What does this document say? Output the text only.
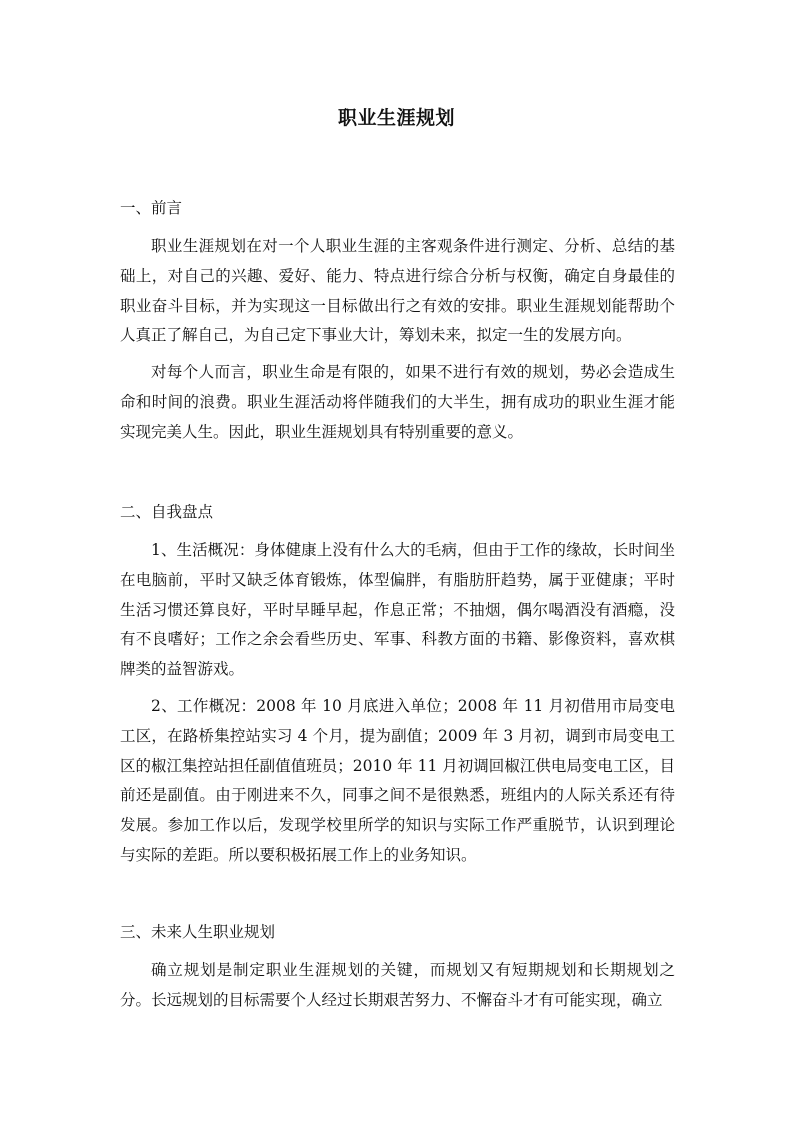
职业生涯规划
一、前言
职业生涯规划在对一个人职业生涯的主客观条件进行测定、分析、总结的基础上，对自己的兴趣、爱好、能力、特点进行综合分析与权衡，确定自身最佳的职业奋斗目标，并为实现这一目标做出行之有效的安排。职业生涯规划能帮助个人真正了解自己，为自己定下事业大计，筹划未来，拟定一生的发展方向。
对每个人而言，职业生命是有限的，如果不进行有效的规划，势必会造成生命和时间的浪费。职业生涯活动将伴随我们的大半生，拥有成功的职业生涯才能实现完美人生。因此，职业生涯规划具有特别重要的意义。
二、自我盘点
1、生活概况：身体健康上没有什么大的毛病，但由于工作的缘故，长时间坐在电脑前，平时又缺乏体育锻炼，体型偏胖，有脂肪肝趋势，属于亚健康；平时生活习惯还算良好，平时早睡早起，作息正常；不抽烟，偶尔喝酒没有酒瘾，没有不良嗜好；工作之余会看些历史、军事、科教方面的书籍、影像资料，喜欢棋牌类的益智游戏。
2、工作概况：2008 年 10 月底进入单位；2008 年 11 月初借用市局变电工区，在路桥集控站实习 4 个月，提为副值；2009 年 3 月初，调到市局变电工区的椒江集控站担任副值值班员；2010 年 11 月初调回椒江供电局变电工区，目前还是副值。由于刚进来不久，同事之间不是很熟悉，班组内的人际关系还有待发展。参加工作以后，发现学校里所学的知识与实际工作严重脱节，认识到理论与实际的差距。所以要积极拓展工作上的业务知识。
三、未来人生职业规划
确立规划是制定职业生涯规划的关键，而规划又有短期规划和长期规划之分。长远规划的目标需要个人经过长期艰苦努力、不懈奋斗才有可能实现，确立
